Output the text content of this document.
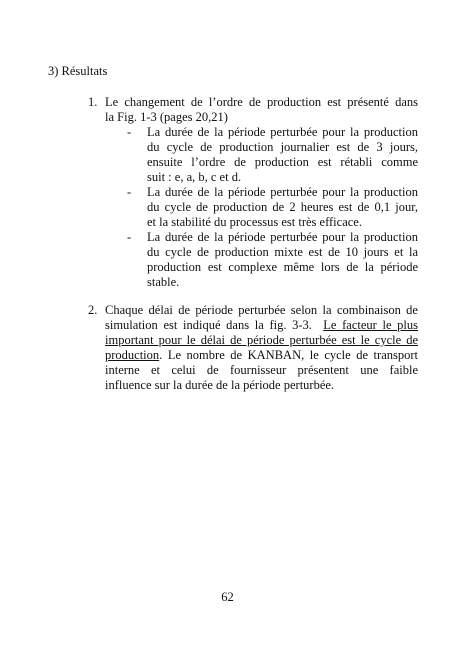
3) Résultats
1. Le changement de l’ordre de production est présenté dans
la Fig. 1-3 (pages 20,21)
- La durée de la période perturbée pour la production
du cycle de production journalier est de 3 jours,
ensuite l’ordre de production est rétabli comme
suit : e, a, b, c et d.
- La durée de la période perturbée pour la production
du cycle de production de 2 heures est de 0,1 jour,
et la stabilité du processus est très efficace.
- La durée de la période perturbée pour la production
du cycle de production mixte est de 10 jours et la
production est complexe même lors de la période
stable.
2. Chaque délai de période perturbée selon la combinaison de
simulation est indiqué dans la fig. 3-3. Le facteur le plus
important pour le délai de période perturbée est le cycle de
production. Le nombre de KANBAN, le cycle de transport
interne et celui de fournisseur présentent une faible
influence sur la durée de la période perturbée.
62
